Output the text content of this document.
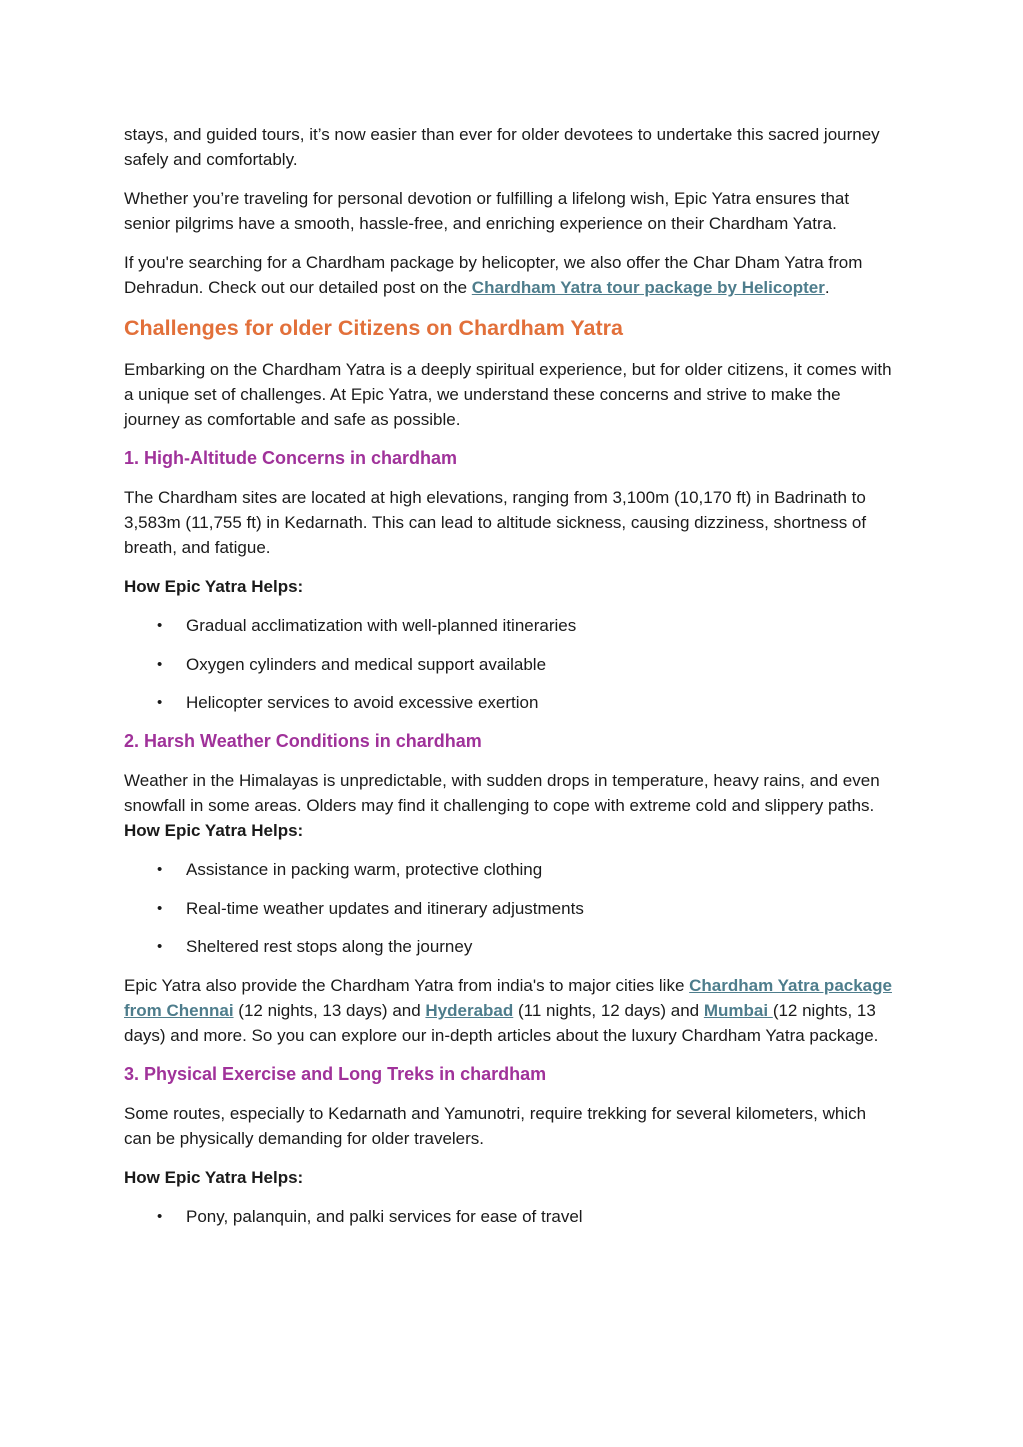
stays, and guided tours, it’s now easier than ever for older devotees to undertake this sacred journey safely and comfortably.

Whether you’re traveling for personal devotion or fulfilling a lifelong wish, Epic Yatra ensures that senior pilgrims have a smooth, hassle-free, and enriching experience on their Chardham Yatra.

If you're searching for a Chardham package by helicopter, we also offer the Char Dham Yatra from Dehradun. Check out our detailed post on the Chardham Yatra tour package by Helicopter.

Challenges for older Citizens on Chardham Yatra

Embarking on the Chardham Yatra is a deeply spiritual experience, but for older citizens, it comes with a unique set of challenges. At Epic Yatra, we understand these concerns and strive to make the journey as comfortable and safe as possible.

1. High-Altitude Concerns in chardham

The Chardham sites are located at high elevations, ranging from 3,100m (10,170 ft) in Badrinath to 3,583m (11,755 ft) in Kedarnath. This can lead to altitude sickness, causing dizziness, shortness of breath, and fatigue.

How Epic Yatra Helps:

• Gradual acclimatization with well-planned itineraries
• Oxygen cylinders and medical support available
• Helicopter services to avoid excessive exertion
2. Harsh Weather Conditions in chardham

Weather in the Himalayas is unpredictable, with sudden drops in temperature, heavy rains, and even snowfall in some areas. Olders may find it challenging to cope with extreme cold and slippery paths. How Epic Yatra Helps:

• Assistance in packing warm, protective clothing
• Real-time weather updates and itinerary adjustments
• Sheltered rest stops along the journey

Epic Yatra also provide the Chardham Yatra from india's to major cities like Chardham Yatra package from Chennai (12 nights, 13 days) and Hyderabad (11 nights, 12 days) and Mumbai (12 nights, 13 days) and more. So you can explore our in-depth articles about the luxury Chardham Yatra package.

3. Physical Exercise and Long Treks in chardham

Some routes, especially to Kedarnath and Yamunotri, require trekking for several kilometers, which can be physically demanding for older travelers.

How Epic Yatra Helps:

• Pony, palanquin, and palki services for ease of travel
